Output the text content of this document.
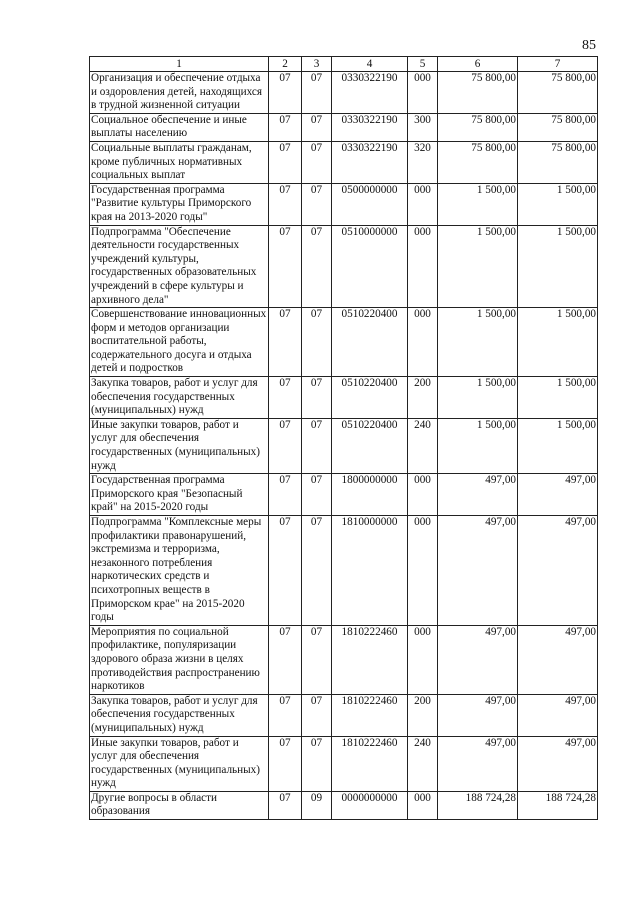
85
1	2	3	4	5	6	7
Организация и обеспечение отдыха и оздоровления детей, находящихся в трудной жизненной ситуации	07	07	0330322190	000	75 800,00	75 800,00
Социальное обеспечение и иные выплаты населению	07	07	0330322190	300	75 800,00	75 800,00
Социальные выплаты гражданам, кроме публичных нормативных социальных выплат	07	07	0330322190	320	75 800,00	75 800,00
Государственная программа "Развитие культуры Приморского края на 2013-2020 годы"	07	07	0500000000	000	1 500,00	1 500,00
Подпрограмма "Обеспечение деятельности государственных учреждений культуры, государственных образовательных учреждений в сфере культуры и архивного дела"	07	07	0510000000	000	1 500,00	1 500,00
Совершенствование инновационных форм и методов организации воспитательной работы, содержательного досуга и отдыха детей и подростков	07	07	0510220400	000	1 500,00	1 500,00
Закупка товаров, работ и услуг для обеспечения государственных (муниципальных) нужд	07	07	0510220400	200	1 500,00	1 500,00
Иные закупки товаров, работ и услуг для обеспечения государственных (муниципальных) нужд	07	07	0510220400	240	1 500,00	1 500,00
Государственная программа Приморского края "Безопасный край" на 2015-2020 годы	07	07	1800000000	000	497,00	497,00
Подпрограмма "Комплексные меры профилактики правонарушений, экстремизма и терроризма, незаконного потребления наркотических средств и психотропных веществ в Приморском крае" на 2015-2020 годы	07	07	1810000000	000	497,00	497,00
Мероприятия по социальной профилактике, популяризации здорового образа жизни в целях противодействия распространению наркотиков	07	07	1810222460	000	497,00	497,00
Закупка товаров, работ и услуг для обеспечения государственных (муниципальных) нужд	07	07	1810222460	200	497,00	497,00
Иные закупки товаров, работ и услуг для обеспечения государственных (муниципальных) нужд	07	07	1810222460	240	497,00	497,00
Другие вопросы в области образования	07	09	0000000000	000	188 724,28	188 724,28
